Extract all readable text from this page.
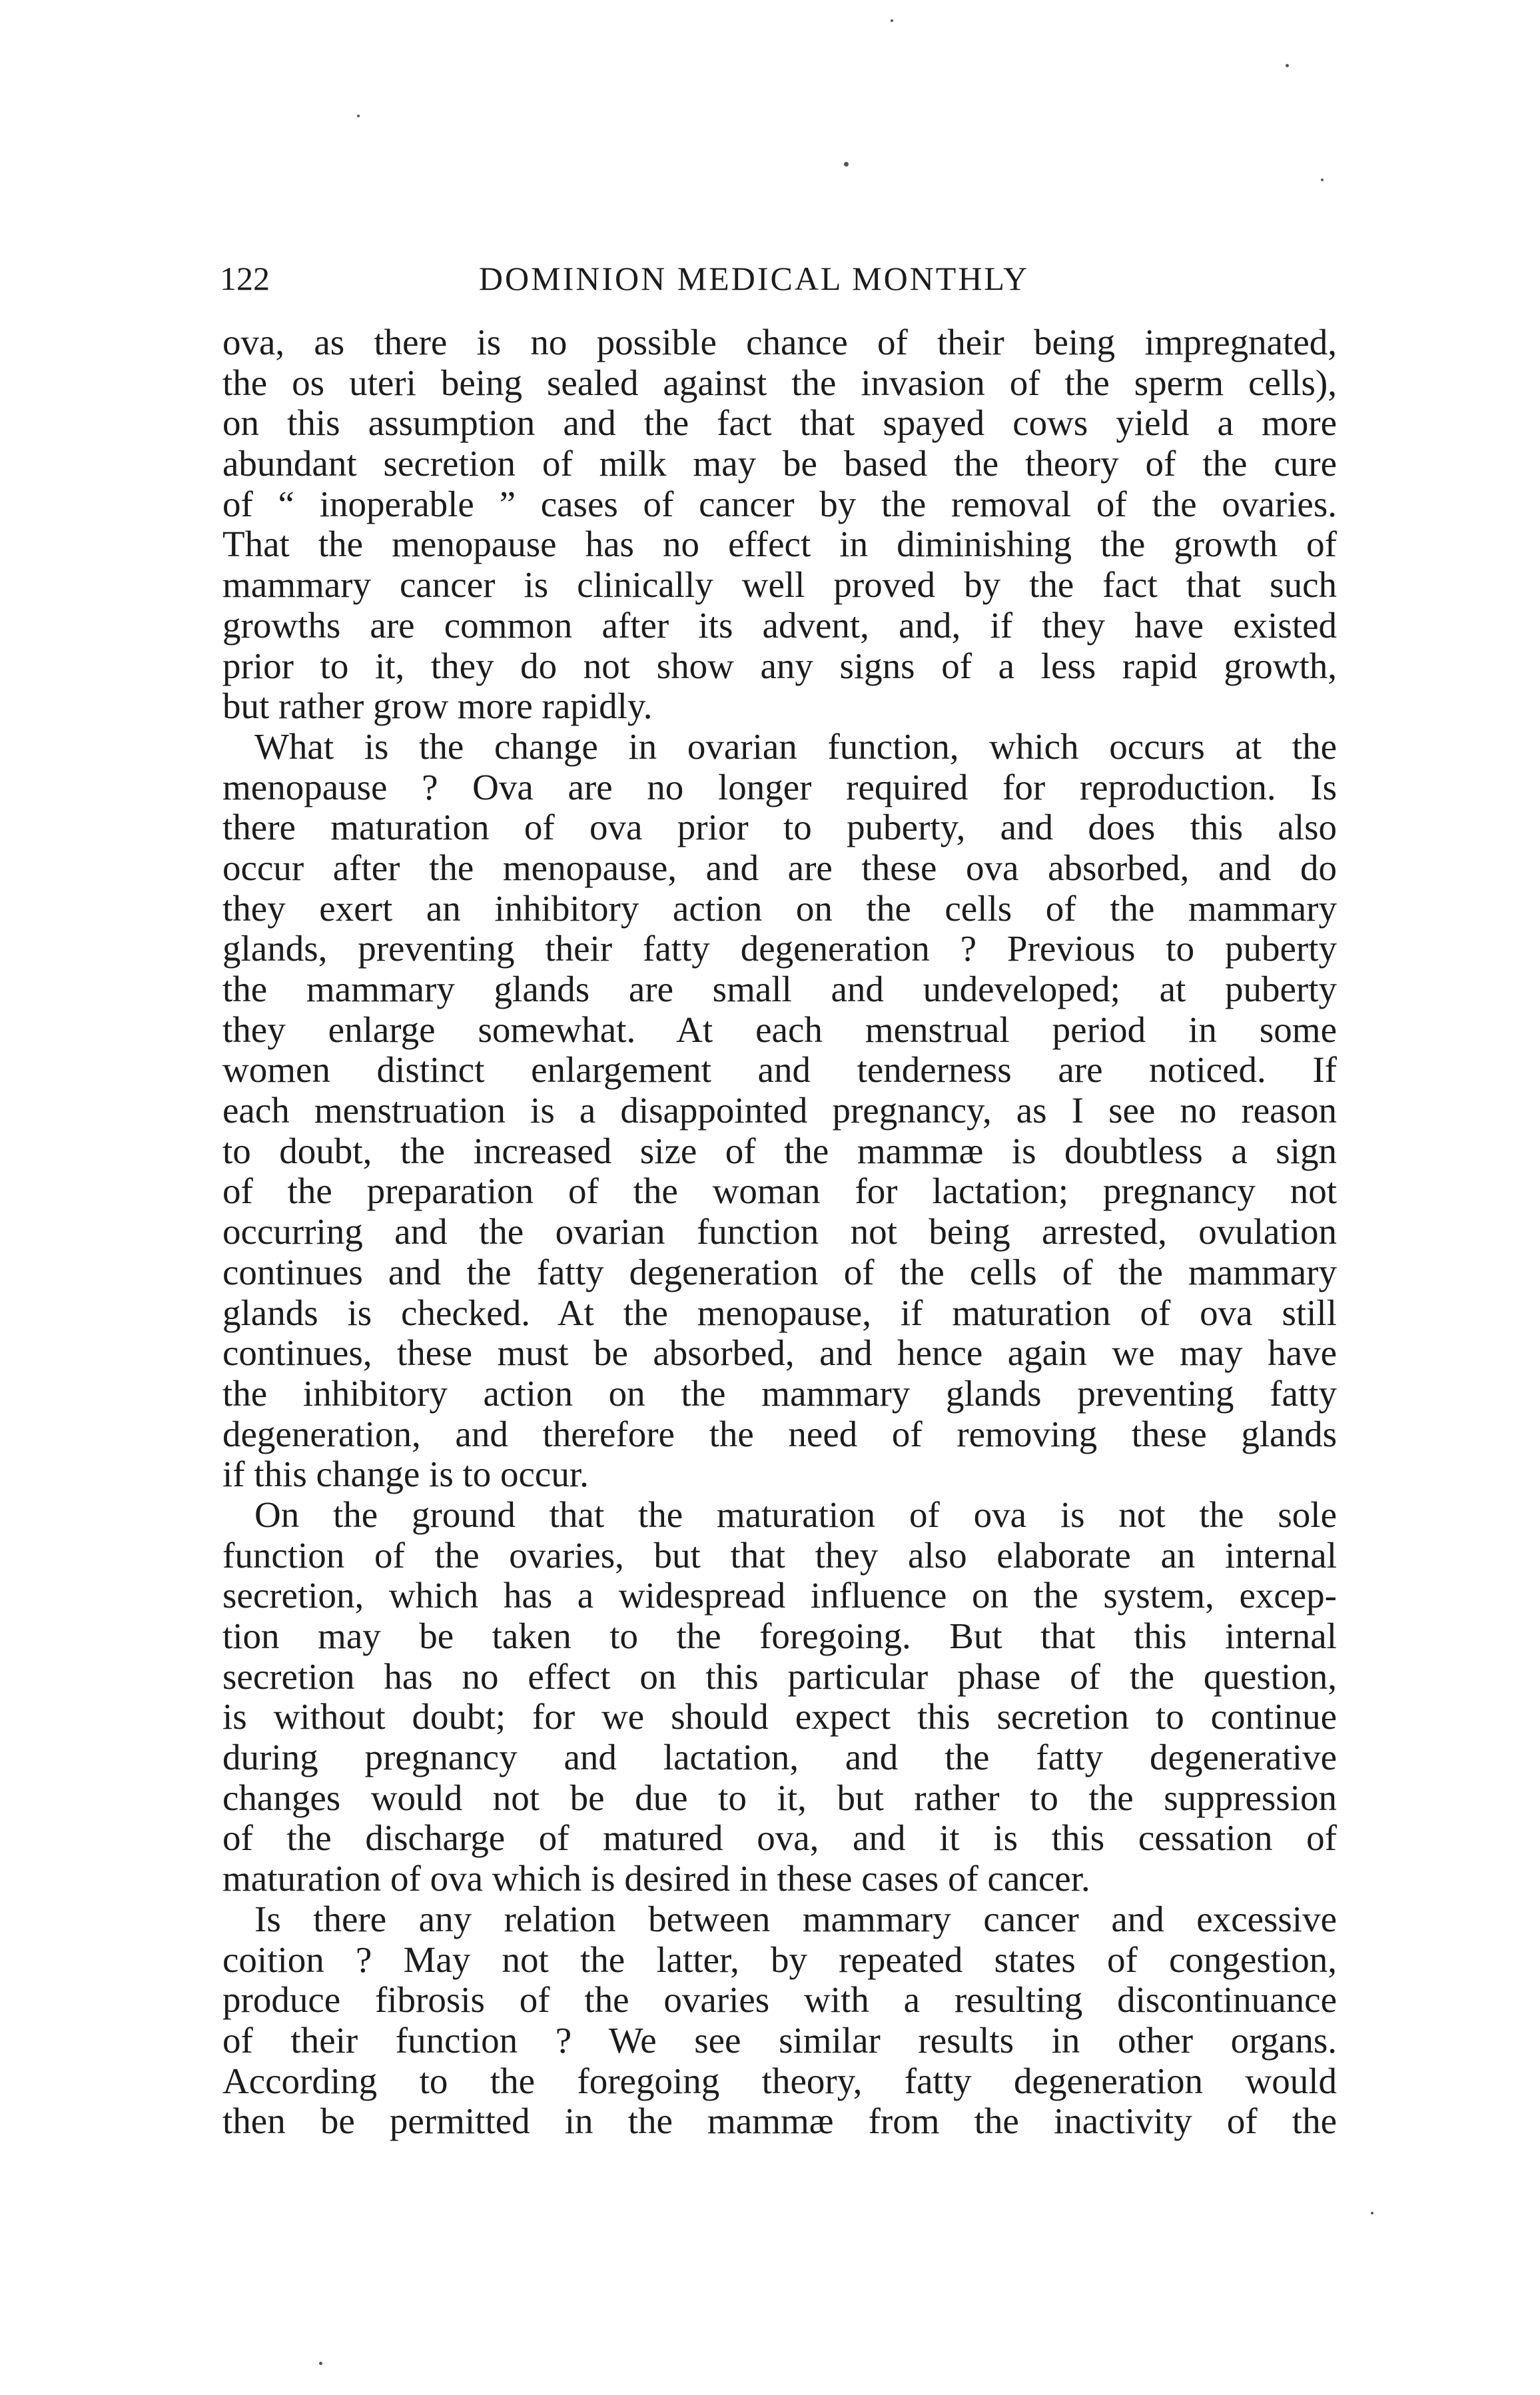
122	DOMINION MEDICAL MONTHLY
ova, as there is no possible chance of their being impregnated,
the os uteri being sealed against the invasion of the sperm cells),
on this assumption and the fact that spayed cows yield a more
abundant secretion of milk may be based the theory of the cure
of “ inoperable ” cases of cancer by the removal of the ovaries.
That the menopause has no effect in diminishing the growth of
mammary cancer is clinically well proved by the fact that such
growths are common after its advent, and, if they have existed
prior to it, they do not show any signs of a less rapid growth,
but rather grow more rapidly.
What is the change in ovarian function, which occurs at the
menopause ? Ova are no longer required for reproduction. Is
there maturation of ova prior to puberty, and does this also
occur after the menopause, and are these ova absorbed, and do
they exert an inhibitory action on the cells of the mammary
glands, preventing their fatty degeneration ? Previous to puberty
the mammary glands are small and undeveloped; at puberty
they enlarge somewhat. At each menstrual period in some
women distinct enlargement and tenderness are noticed. If
each menstruation is a disappointed pregnancy, as I see no reason
to doubt, the increased size of the mammæ is doubtless a sign
of the preparation of the woman for lactation; pregnancy not
occurring and the ovarian function not being arrested, ovulation
continues and the fatty degeneration of the cells of the mammary
glands is checked. At the menopause, if maturation of ova still
continues, these must be absorbed, and hence again we may have
the inhibitory action on the mammary glands preventing fatty
degeneration, and therefore the need of removing these glands
if this change is to occur.
On the ground that the maturation of ova is not the sole
function of the ovaries, but that they also elaborate an internal
secretion, which has a widespread influence on the system, excep-
tion may be taken to the foregoing. But that this internal
secretion has no effect on this particular phase of the question,
is without doubt; for we should expect this secretion to continue
during pregnancy and lactation, and the fatty degenerative
changes would not be due to it, but rather to the suppression
of the discharge of matured ova, and it is this cessation of
maturation of ova which is desired in these cases of cancer.
Is there any relation between mammary cancer and excessive
coition ? May not the latter, by repeated states of congestion,
produce fibrosis of the ovaries with a resulting discontinuance
of their function ? We see similar results in other organs.
According to the foregoing theory, fatty degeneration would
then be permitted in the mammæ from the inactivity of the
